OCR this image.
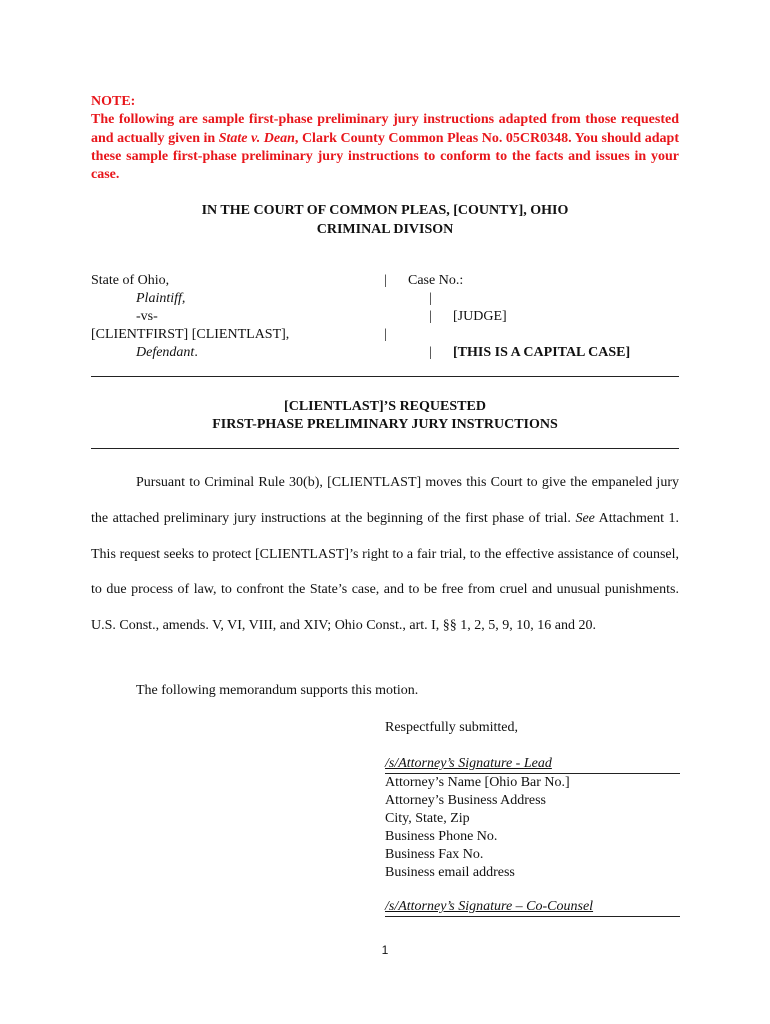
NOTE:
The following are sample first-phase preliminary jury instructions adapted from those requested and actually given in State v. Dean, Clark County Common Pleas No. 05CR0348. You should adapt these sample first-phase preliminary jury instructions to conform to the facts and issues in your case.

IN THE COURT OF COMMON PLEAS, [COUNTY], OHIO
CRIMINAL DIVISON
State of Ohio,	|	Case No.:
Plaintiff,	|
-vs-	|	[JUDGE]
[CLIENTFIRST] [CLIENTLAST],	|
Defendant.	|	[THIS IS A CAPITAL CASE]
[CLIENTLAST]’S REQUESTED
FIRST-PHASE PRELIMINARY JURY INSTRUCTIONS

Pursuant to Criminal Rule 30(b), [CLIENTLAST] moves this Court to give the empaneled jury the attached preliminary jury instructions at the beginning of the first phase of trial. See Attachment 1. This request seeks to protect [CLIENTLAST]’s right to a fair trial, to the effective assistance of counsel, to due process of law, to confront the State’s case, and to be free from cruel and unusual punishments. U.S. Const., amends. V, VI, VIII, and XIV; Ohio Const., art. I, §§ 1, 2, 5, 9, 10, 16 and 20.

The following memorandum supports this motion.
Respectfully submitted,
/s/Attorney’s Signature - Lead
Attorney’s Name [Ohio Bar No.]
Attorney’s Business Address
City, State, Zip
Business Phone No.
Business Fax No.
Business email address
/s/Attorney’s Signature – Co-Counsel
1
